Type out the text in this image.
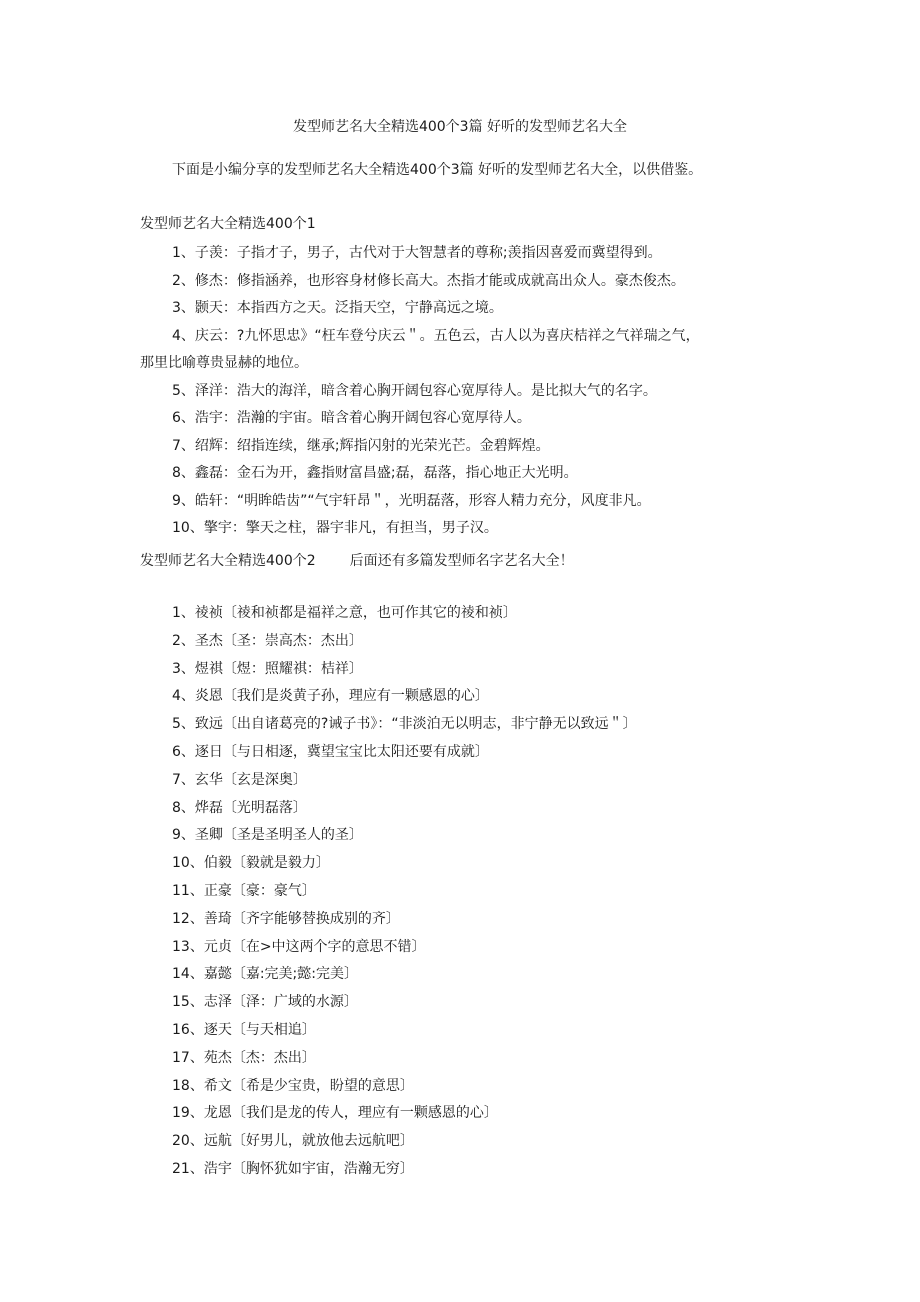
发型师艺名大全精选400个3篇 好听的发型师艺名大全
下面是小编分享的发型师艺名大全精选400个3篇 好听的发型师艺名大全，以供借鉴。
发型师艺名大全精选400个1
1、子羡：子指才子，男子，古代对于大智慧者的尊称;羡指因喜爱而冀望得到。
2、修杰：修指涵养，也形容身材修长高大。杰指才能或成就高出众人。豪杰俊杰。
3、颢天：本指西方之天。泛指天空，宁静高远之境。
4、庆云：?九怀思忠》“枉车登兮庆云＂。五色云，古人以为喜庆桔祥之气祥瑞之气，
那里比喻尊贵显赫的地位。
5、泽洋：浩大的海洋，暗含着心胸开阔包容心宽厚待人。是比拟大气的名字。
6、浩宇：浩瀚的宇宙。暗含着心胸开阔包容心宽厚待人。
7、绍辉：绍指连续，继承;辉指闪射的光荣光芒。金碧辉煌。
8、鑫磊：金石为开，鑫指财富昌盛;磊，磊落，指心地正大光明。
9、皓轩：“明眸皓齿”“气宇轩昂＂，光明磊落，形容人精力充分，风度非凡。
10、擎宇：擎天之柱，器宇非凡，有担当，男子汉。
发型师艺名大全精选400个2 后面还有多篇发型师名字艺名大全！
1、祾祯〔祾和祯都是福祥之意，也可作其它的祾和祯〕
2、圣杰〔圣：崇高杰：杰出〕
3、煜祺〔煜：照耀祺：桔祥〕
4、炎恩〔我们是炎黄子孙，理应有一颗感恩的心〕
5、致远〔出自诸葛亮的?诫子书》：“非淡泊无以明志，非宁静无以致远＂〕
6、逐日〔与日相逐，冀望宝宝比太阳还要有成就〕
7、玄华〔玄是深奥〕
8、烨磊〔光明磊落〕
9、圣卿〔圣是圣明圣人的圣〕
10、伯毅〔毅就是毅力〕
11、正豪〔豪：豪气〕
12、善琦〔齐字能够替换成别的齐〕
13、元贞〔在>中这两个字的意思不错〕
14、嘉懿〔嘉:完美;懿:完美〕
15、志泽〔泽：广域的水源〕
16、逐天〔与天相追〕
17、苑杰〔杰：杰出〕
18、希文〔希是少宝贵，盼望的意思〕
19、龙恩〔我们是龙的传人，理应有一颗感恩的心〕
20、远航〔好男儿，就放他去远航吧〕
21、浩宇〔胸怀犹如宇宙，浩瀚无穷〕
